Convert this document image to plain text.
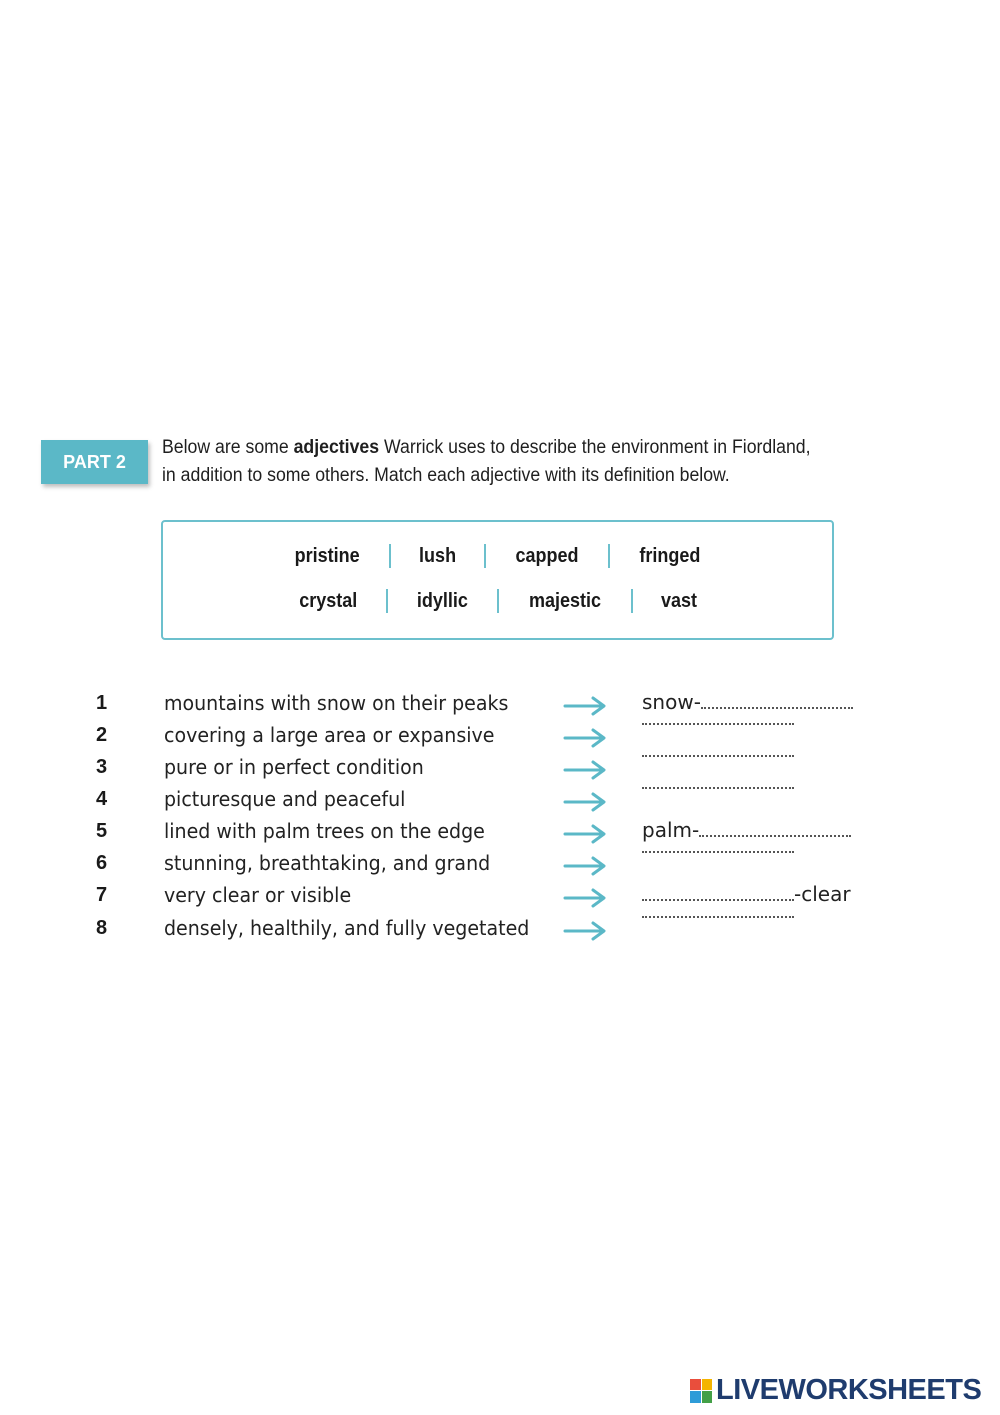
PART 2
Below are some adjectives Warrick uses to describe the environment in Fiordland,
in addition to some others. Match each adjective with its definition below.
pristine	lush	capped	fringed
crystal	idyllic	majestic	vast
1	mountains with snow on their peaks	snow-
2	covering a large area or expansive
3	pure or in perfect condition
4	picturesque and peaceful
5	lined with palm trees on the edge	palm-
6	stunning, breathtaking, and grand
7	very clear or visible	-clear
8	densely, healthily, and fully vegetated
LIVEWORKSHEETS
